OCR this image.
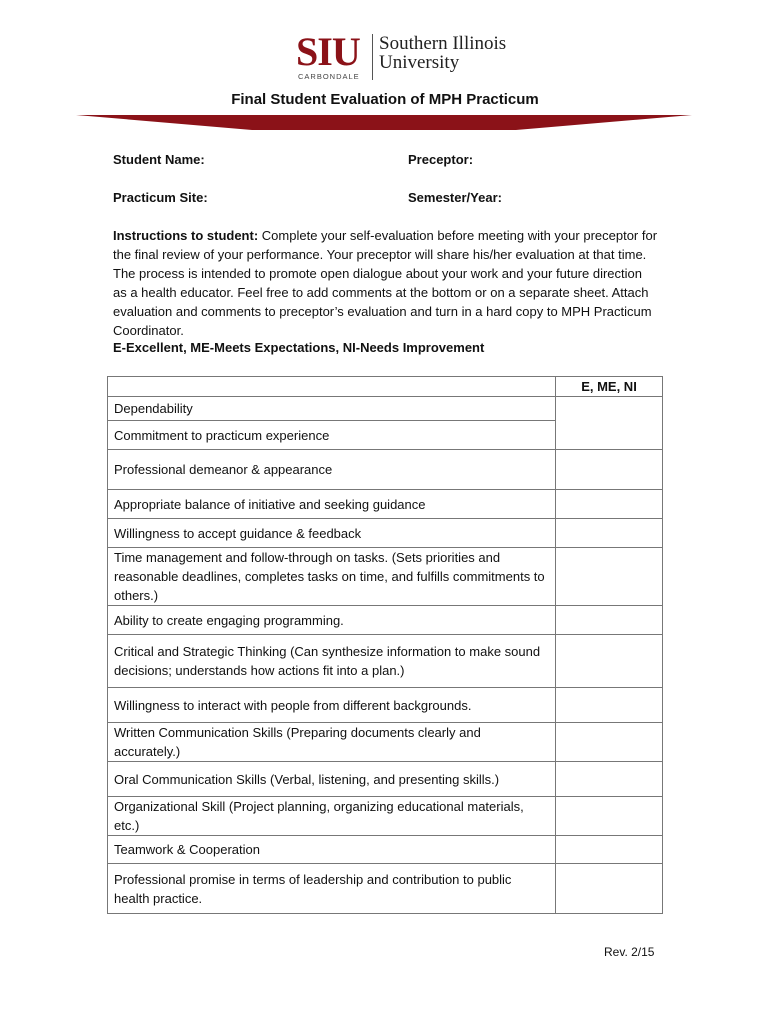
SIU Southern Illinois
University
CARBONDALE
Final Student Evaluation of MPH Practicum
Student Name:	Preceptor:
Practicum Site:	Semester/Year:
Instructions to student: Complete your self-evaluation before meeting with your preceptor for the final review of your performance. Your preceptor will share his/her evaluation at that time. The process is intended to promote open dialogue about your work and your future direction as a health educator. Feel free to add comments at the bottom or on a separate sheet. Attach evaluation and comments to preceptor’s evaluation and turn in a hard copy to MPH Practicum Coordinator.
E-Excellent, ME-Meets Expectations, NI-Needs Improvement
	E, ME, NI
Dependability	
Commitment to practicum experience	
Professional demeanor & appearance	
Appropriate balance of initiative and seeking guidance	
Willingness to accept guidance & feedback	
Time management and follow-through on tasks. (Sets priorities and reasonable deadlines, completes tasks on time, and fulfills commitments to others.)	
Ability to create engaging programming.	
Critical and Strategic Thinking (Can synthesize information to make sound decisions; understands how actions fit into a plan.)	
Willingness to interact with people from different backgrounds.	
Written Communication Skills (Preparing documents clearly and accurately.)	
Oral Communication Skills (Verbal, listening, and presenting skills.)	
Organizational Skill (Project planning, organizing educational materials, etc.)	
Teamwork & Cooperation	
Professional promise in terms of leadership and contribution to public health practice.	
Rev. 2/15
